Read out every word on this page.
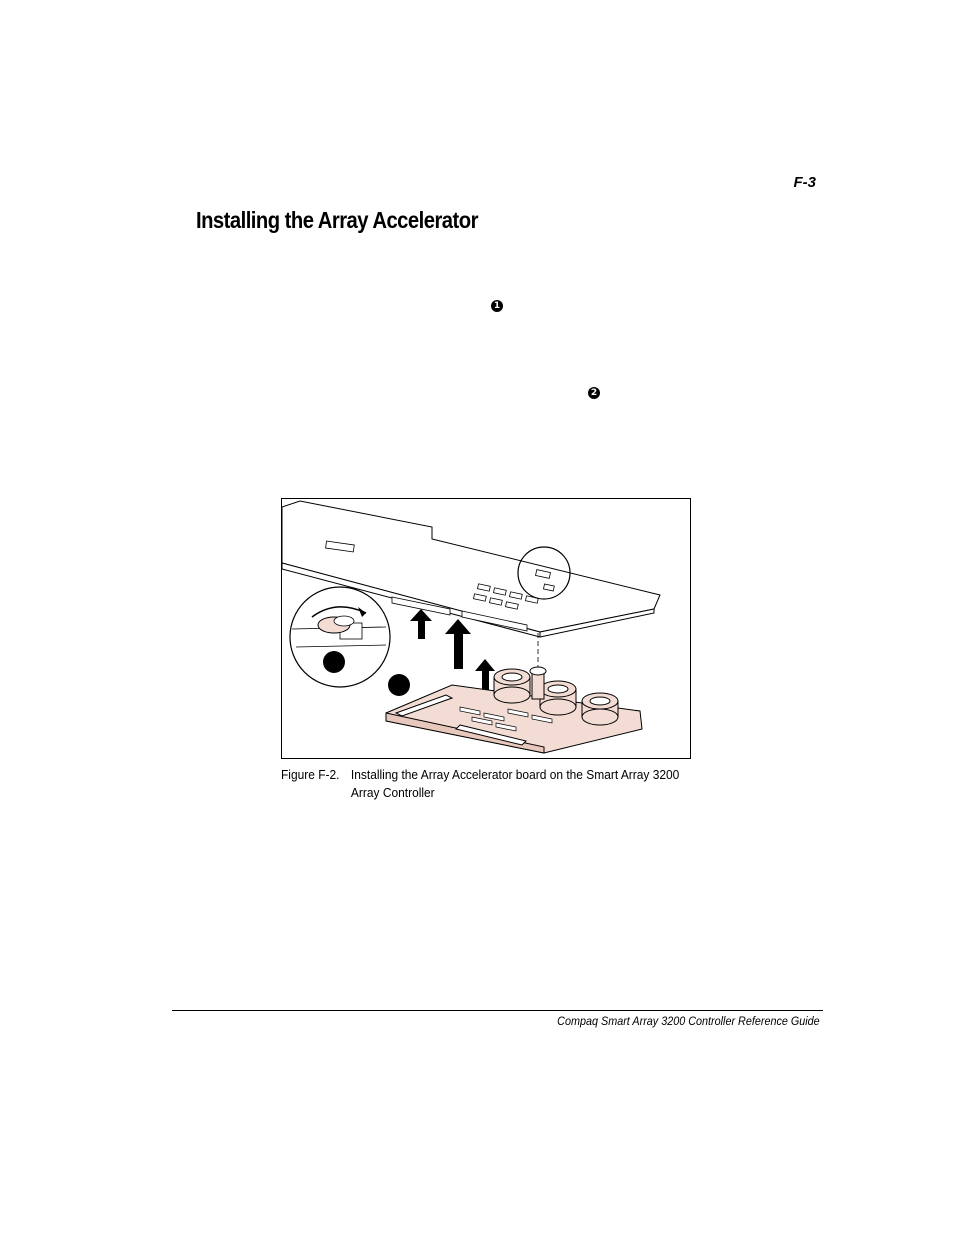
F-3
Installing the Array Accelerator
1
2
Figure F-2. Installing the Array Accelerator board on the Smart Array 3200 Array Controller
Compaq Smart Array 3200 Controller Reference Guide
